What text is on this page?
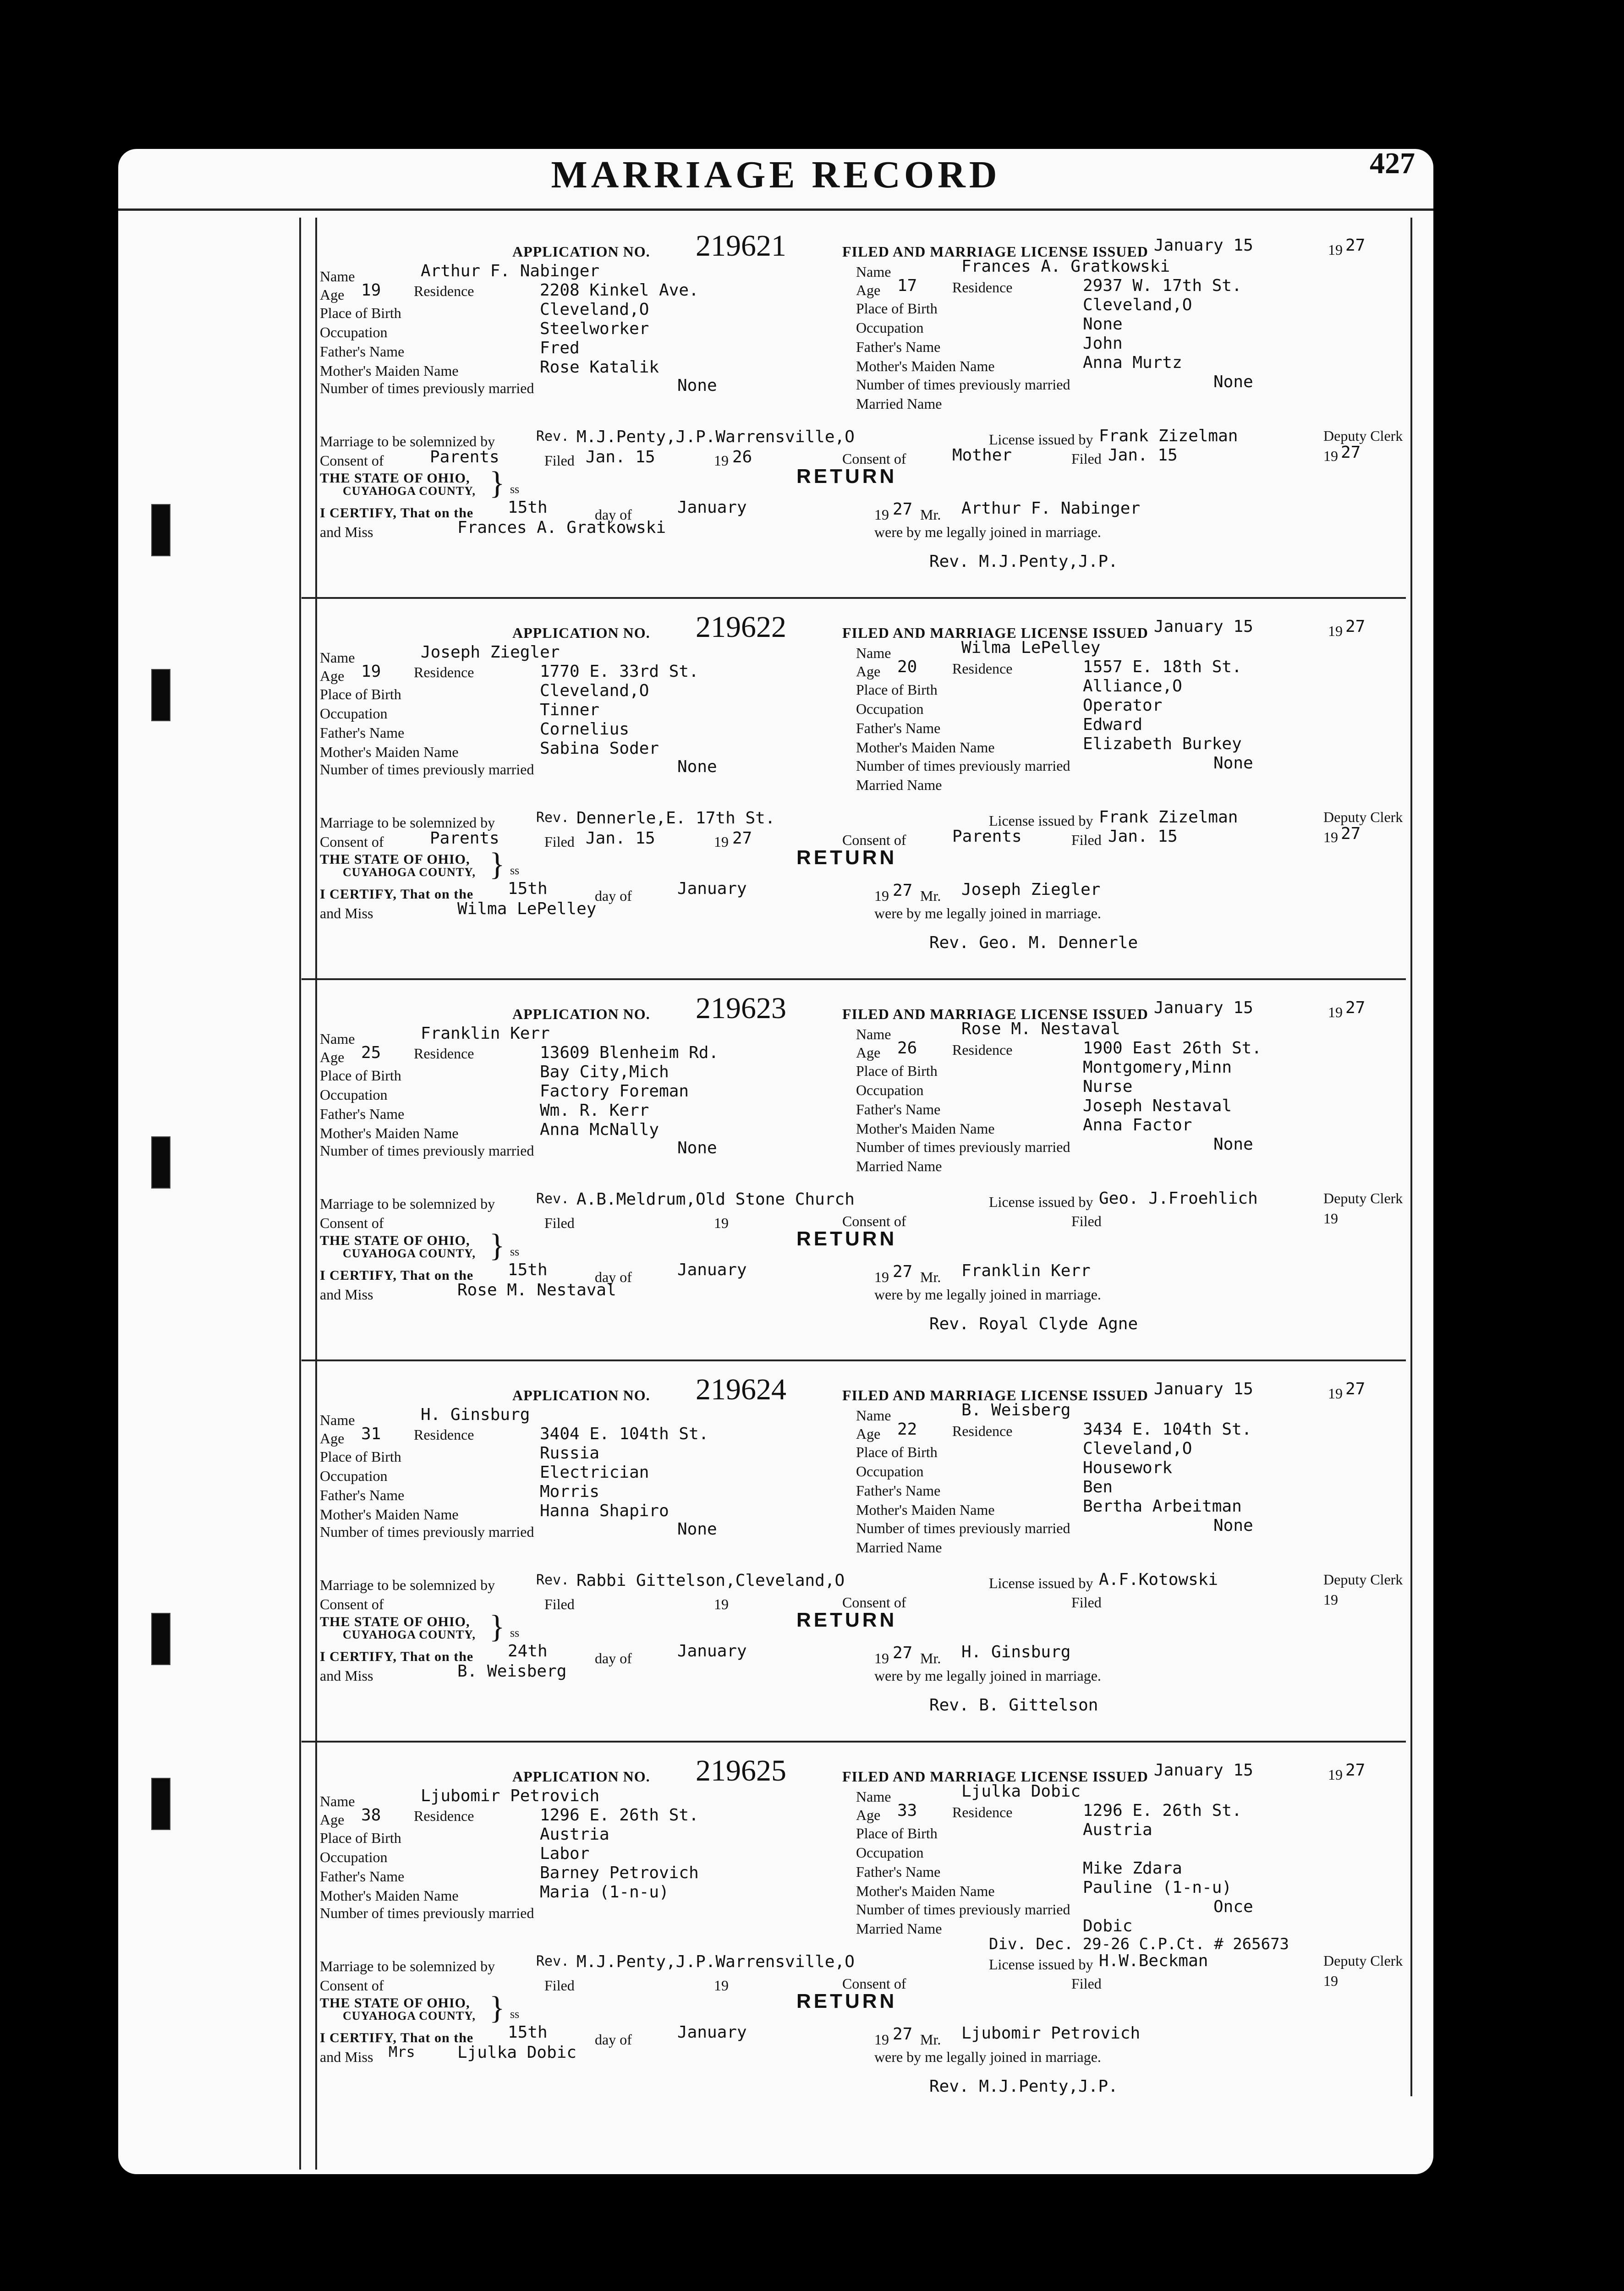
MARRIAGE RECORD	427
APPLICATION NO. 219621	FILED AND MARRIAGE LICENSE ISSUED January 15	19 27
Name	Arthur F. Nabinger
Age 19 Residence	2208 Kinkel Ave.
Place of Birth	Cleveland,O
Occupation	Steelworker
Father's Name	Fred
Mother's Maiden Name	Rose Katalik
Number of times previously married	None
Name	Frances A. Gratkowski
Age 17 Residence	2937 W. 17th St.
Place of Birth	Cleveland,O
Occupation	None
Father's Name	John
Mother's Maiden Name	Anna Murtz
Number of times previously married	None
Married Name
Marriage to be solemnized by	Rev. M.J.Penty,J.P.Warrensville,O	License issued by Frank Zizelman	Deputy Clerk
Consent of	Parents	Filed Jan. 15	19 26	Consent of	Mother	Filed Jan. 15	19 27
THE STATE OF OHIO,
CUYAHOGA COUNTY, } ss
RETURN
I CERTIFY, That on the 15th	day of	January	19 27 Mr. Arthur F. Nabinger
and Miss	Frances A. Gratkowski	were by me legally joined in marriage.
Rev. M.J.Penty,J.P.
APPLICATION NO. 219622	FILED AND MARRIAGE LICENSE ISSUED January 15	19 27
Name	Joseph Ziegler
Age 19 Residence	1770 E. 33rd St.
Place of Birth	Cleveland,O
Occupation	Tinner
Father's Name	Cornelius
Mother's Maiden Name	Sabina Soder
Number of times previously married	None
Name	Wilma LePelley
Age 20 Residence	1557 E. 18th St.
Place of Birth	Alliance,O
Occupation	Operator
Father's Name	Edward
Mother's Maiden Name	Elizabeth Burkey
Number of times previously married	None
Married Name
Marriage to be solemnized by	Rev. Dennerle,E. 17th St.	License issued by Frank Zizelman	Deputy Clerk
Consent of	Parents	Filed Jan. 15	19 27	Consent of	Parents	Filed Jan. 15	19 27
THE STATE OF OHIO,
CUYAHOGA COUNTY, } ss
RETURN
I CERTIFY, That on the 15th	day of	January	19 27 Mr. Joseph Ziegler
and Miss	Wilma LePelley	were by me legally joined in marriage.
Rev. Geo. M. Dennerle
APPLICATION NO. 219623	FILED AND MARRIAGE LICENSE ISSUED January 15	19 27
Name	Franklin Kerr
Age 25 Residence	13609 Blenheim Rd.
Place of Birth	Bay City,Mich
Occupation	Factory Foreman
Father's Name	Wm. R. Kerr
Mother's Maiden Name	Anna McNally
Number of times previously married	None
Name	Rose M. Nestaval
Age 26 Residence	1900 East 26th St.
Place of Birth	Montgomery,Minn
Occupation	Nurse
Father's Name	Joseph Nestaval
Mother's Maiden Name	Anna Factor
Number of times previously married	None
Married Name
Marriage to be solemnized by	Rev. A.B.Meldrum,Old Stone Church	License issued by Geo. J.Froehlich	Deputy Clerk
Consent of	Filed	19	Consent of	Filed	19
THE STATE OF OHIO,
CUYAHOGA COUNTY, } ss
RETURN
I CERTIFY, That on the 15th	day of	January	19 27 Mr. Franklin Kerr
and Miss	Rose M. Nestaval	were by me legally joined in marriage.
Rev. Royal Clyde Agne
APPLICATION NO. 219624	FILED AND MARRIAGE LICENSE ISSUED January 15	19 27
Name	H. Ginsburg
Age 31 Residence	3404 E. 104th St.
Place of Birth	Russia
Occupation	Electrician
Father's Name	Morris
Mother's Maiden Name	Hanna Shapiro
Number of times previously married	None
Name	B. Weisberg
Age 22 Residence	3434 E. 104th St.
Place of Birth	Cleveland,O
Occupation	Housework
Father's Name	Ben
Mother's Maiden Name	Bertha Arbeitman
Number of times previously married	None
Married Name
Marriage to be solemnized by	Rev. Rabbi Gittelson,Cleveland,O	License issued by A.F.Kotowski	Deputy Clerk
Consent of	Filed	19	Consent of	Filed	19
THE STATE OF OHIO,
CUYAHOGA COUNTY, } ss
RETURN
I CERTIFY, That on the 24th	day of	January	19 27 Mr. H. Ginsburg
and Miss	B. Weisberg	were by me legally joined in marriage.
Rev. B. Gittelson
APPLICATION NO. 219625	FILED AND MARRIAGE LICENSE ISSUED January 15	19 27
Name	Ljubomir Petrovich
Age 38 Residence	1296 E. 26th St.
Place of Birth	Austria
Occupation	Labor
Father's Name	Barney Petrovich
Mother's Maiden Name	Maria (1-n-u)
Number of times previously married
Name	Ljulka Dobic
Age 33 Residence	1296 E. 26th St.
Place of Birth	Austria
Occupation
Father's Name	Mike Zdara
Mother's Maiden Name	Pauline (1-n-u)
Number of times previously married	Once
Married Name	Dobic
Div. Dec. 29-26 C.P.Ct. # 265673
Marriage to be solemnized by	Rev. M.J.Penty,J.P.Warrensville,O	License issued by H.W.Beckman	Deputy Clerk
Consent of	Filed	19	Consent of	Filed	19
THE STATE OF OHIO,
CUYAHOGA COUNTY, } ss
RETURN
I CERTIFY, That on the 15th	day of	January	19 27 Mr. Ljubomir Petrovich
and Miss Mrs	Ljulka Dobic	were by me legally joined in marriage.
Rev. M.J.Penty,J.P.
